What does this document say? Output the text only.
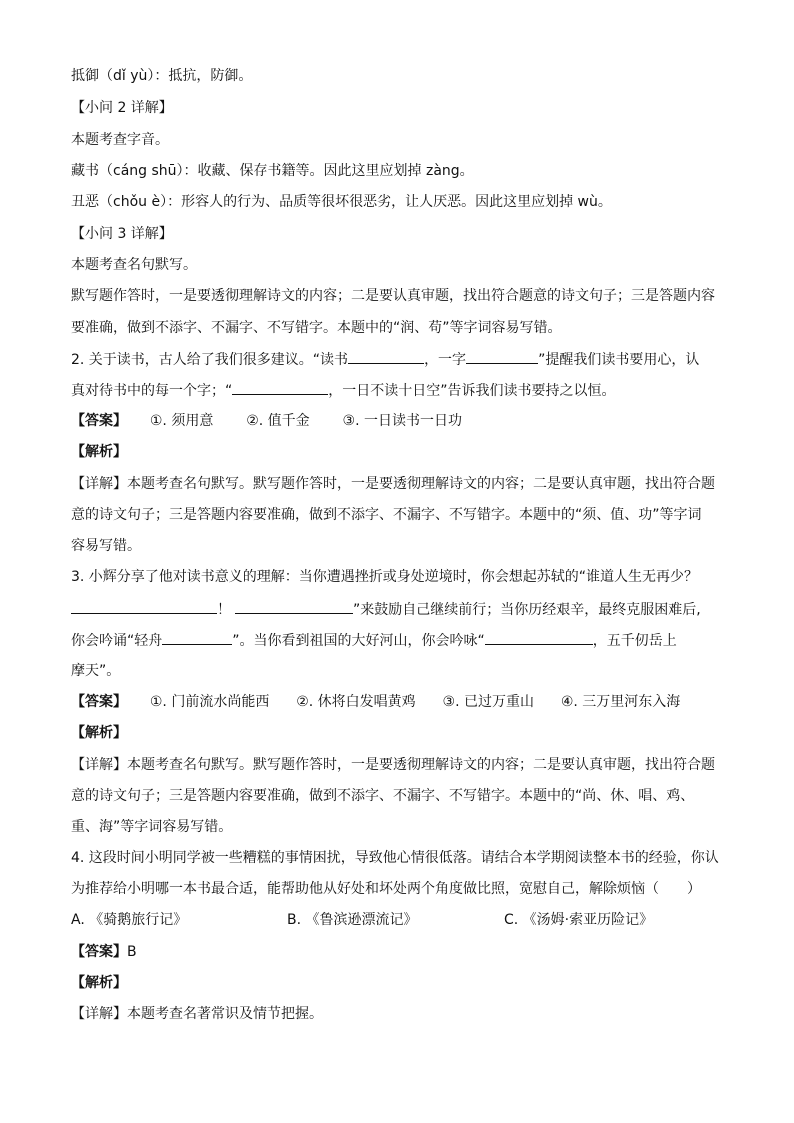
抵御（dǐ yù）：抵抗，防御。
【小问 2 详解】
本题考查字音。
藏书（cáng shū）：收藏、保存书籍等。因此这里应划掉 zàng。
丑恶（chǒu è）：形容人的行为、品质等很坏很恶劣，让人厌恶。因此这里应划掉 wù。
【小问 3 详解】
本题考查名句默写。
默写题作答时，一是要透彻理解诗文的内容；二是要认真审题，找出符合题意的诗文句子；三是答题内容
要准确，做到不添字、不漏字、不写错字。本题中的“润、苟”等字词容易写错。
2. 关于读书，古人给了我们很多建议。“读书	，一字	”提醒我们读书要用心，认
真对待书中的每一个字；“	，一日不读十日空”告诉我们读书要持之以恒。
【答案】 ①. 须用意 ②. 值千金 ③. 一日读书一日功
【解析】
【详解】本题考查名句默写。默写题作答时，一是要透彻理解诗文的内容；二是要认真审题，找出符合题
意的诗文句子；三是答题内容要准确，做到不添字、不漏字、不写错字。本题中的“须、值、功”等字词
容易写错。
3. 小辉分享了他对读书意义的理解：当你遭遇挫折或身处逆境时，你会想起苏轼的“谁道人生无再少？
！	”来鼓励自己继续前行；当你历经艰辛，最终克服困难后,
你会吟诵“轻舟	”。当你看到祖国的大好河山，你会吟咏“	，五千仞岳上
摩天”。
【答案】 ①. 门前流水尚能西 ②. 休将白发唱黄鸡 ③. 已过万重山 ④. 三万里河东入海
【解析】
【详解】本题考查名句默写。默写题作答时，一是要透彻理解诗文的内容；二是要认真审题，找出符合题
意的诗文句子；三是答题内容要准确，做到不添字、不漏字、不写错字。本题中的“尚、休、唱、鸡、
重、海”等字词容易写错。
4. 这段时间小明同学被一些糟糕的事情困扰，导致他心情很低落。请结合本学期阅读整本书的经验，你认
为推荐给小明哪一本书最合适，能帮助他从好处和坏处两个角度做比照，宽慰自己，解除烦恼（　　）
A. 《骑鹅旅行记》	B. 《鲁滨逊漂流记》	C. 《汤姆·索亚历险记》
【答案】B
【解析】
【详解】本题考查名著常识及情节把握。
